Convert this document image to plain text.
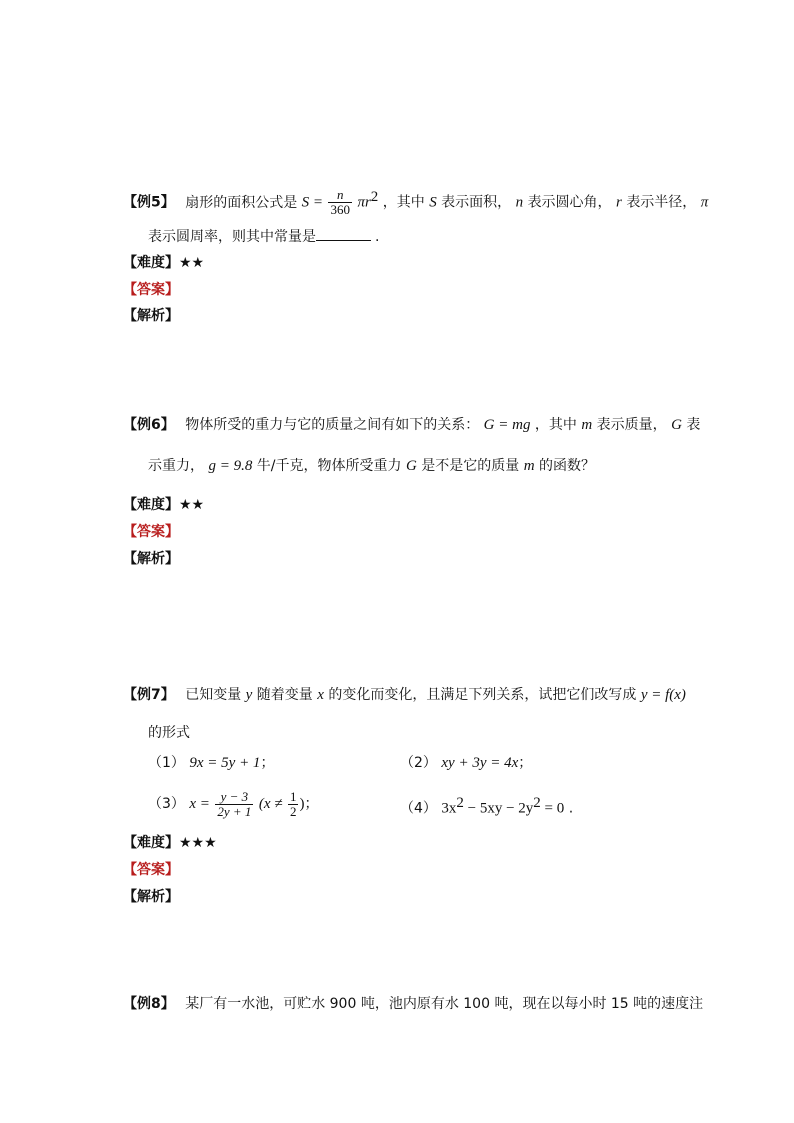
【例5】 扇形的面积公式是 $S = \frac{n}{360} \pi r^2$ ，其中 S 表示面积， n 表示圆心角， r 表示半径， π
表示圆周率，则其中常量是	.
【难度】★★
【答案】
【解析】
【例6】 物体所受的重力与它的质量之间有如下的关系： G = mg ，其中 m 表示质量， G 表
示重力， g = 9.8 牛/千克，物体所受重力 G 是不是它的质量 m 的函数？
【难度】★★
【答案】
【解析】
【例7】 已知变量 y 随着变量 x 的变化而变化，且满足下列关系，试把它们改写成 y = f(x)
的形式
（1） 9x = 5y + 1；	（2） xy + 3y = 4x；
（3） $x = \frac{y - 3}{2y + 1} (x \ne \frac{1}{2}$ )；	（4） $3x^2 - 5xy - 2y^2 = 0$ .
【难度】★★★
【答案】
【解析】
【例8】 某厂有一水池，可贮水 900 吨，池内原有水 100 吨，现在以每小时 15 吨的速度注
